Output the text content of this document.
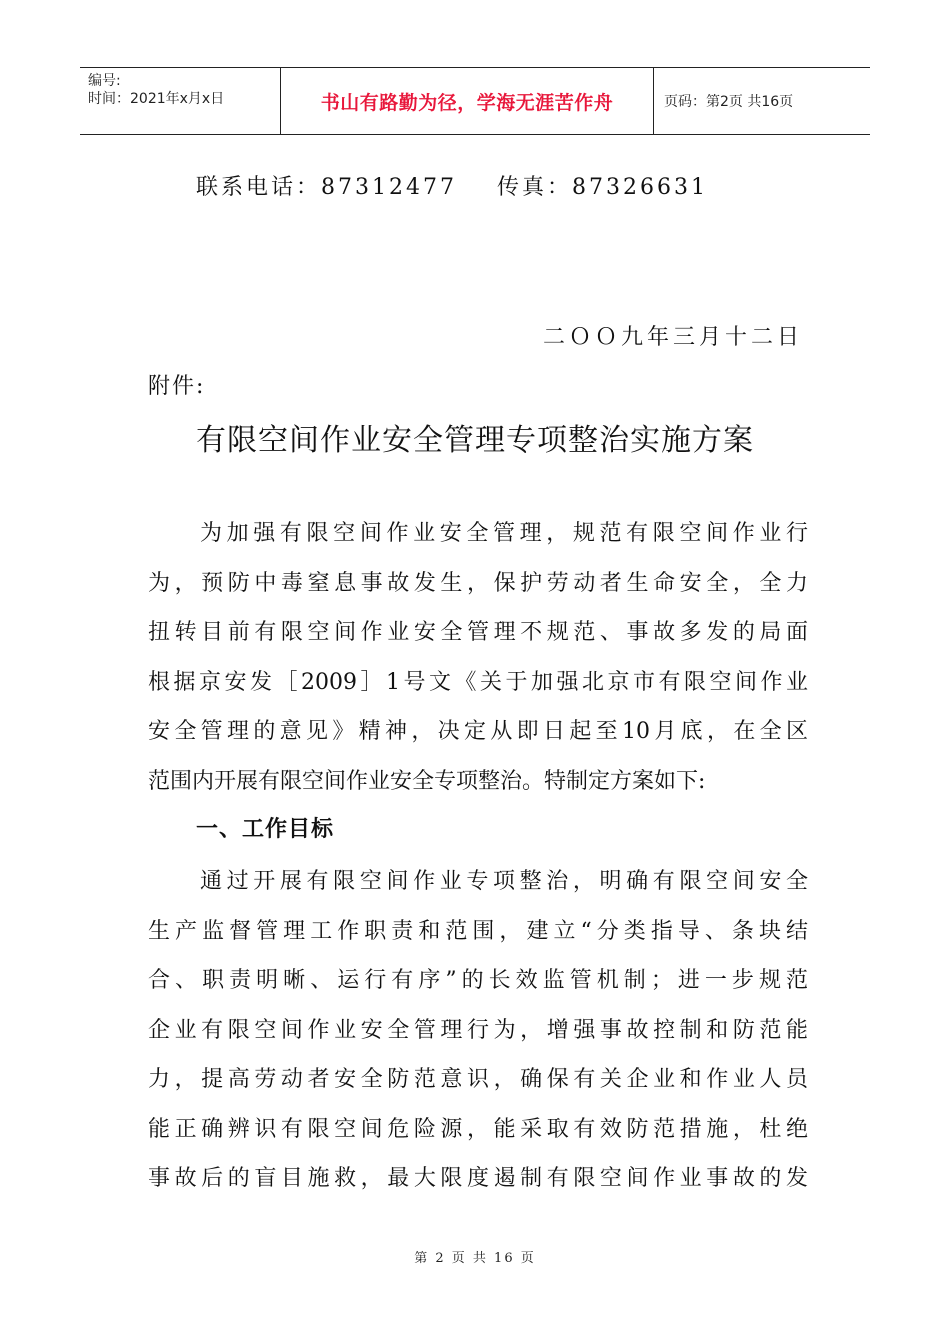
编号:
时间：2021年x月x日	书山有路勤为径，学海无涯苦作舟	页码：第2页 共16页
联系电话：87312477 传真：87326631
二ＯＯ九年三月十二日
附件:
有限空间作业安全管理专项整治实施方案
为加强有限空间作业安全管理，规范有限空间作业行
为，预防中毒窒息事故发生，保护劳动者生命安全，全力
扭转目前有限空间作业安全管理不规范、事故多发的局面
根据京安发［2009］1号文《关于加强北京市有限空间作业
安全管理的意见》精神，决定从即日起至10月底，在全区
范围内开展有限空间作业安全专项整治。特制定方案如下:
一、工作目标
通过开展有限空间作业专项整治，明确有限空间安全
生产监督管理工作职责和范围，建立“分类指导、条块结
合、职责明晰、运行有序”的长效监管机制；进一步规范
企业有限空间作业安全管理行为，增强事故控制和防范能
力，提高劳动者安全防范意识，确保有关企业和作业人员
能正确辨识有限空间危险源，能采取有效防范措施，杜绝
事故后的盲目施救，最大限度遏制有限空间作业事故的发
第 2 页 共 16 页
